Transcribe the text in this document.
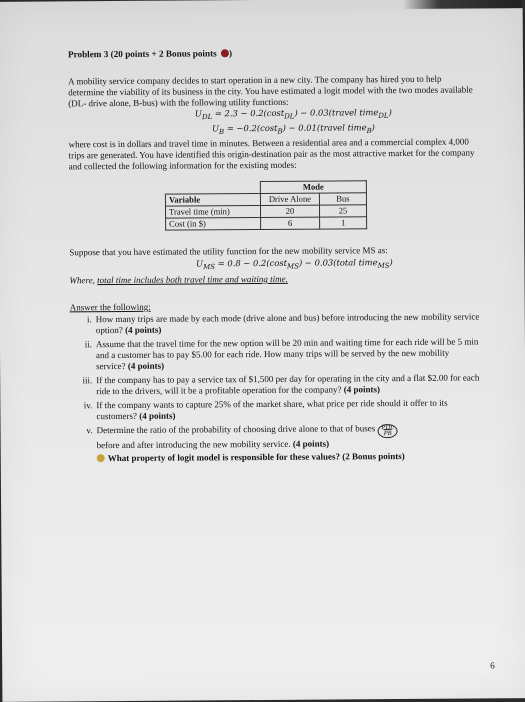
Problem 3 (20 points + 2 Bonus points )

A mobility service company decides to start operation in a new city. The company has hired you to help determine the viability of its business in the city. You have estimated a logit model with the two modes available (DL- drive alone, B-bus) with the following utility functions:

$U_{DL} = 2.3 - 0.2(\cos t_{DL})$ − 0.03(travel time$_{DL}$)
$U_B = -0.2(\cos t_B)$ − 0.01(travel time$_B$)

where cost is in dollars and travel time in minutes. Between a residential area and a commercial complex 4,000 trips are generated. You have identified this origin-destination pair as the most attractive market for the company and collected the following information for the existing modes:

	Mode	
Variable	Drive Alone	Bus
Travel time (min)	20	25
Cost (in $)	6	1

Suppose that you have estimated the utility function for the new mobility service MS as:

$U_{MS} = 0.8 - 0.2(\cos t_{MS})$ − 0.03(total time$_{MS}$)

Where, total time includes both travel time and waiting time.

Answer the following:

i. How many trips are made by each mode (drive alone and bus) before introducing the new mobility service option? (4 points)
ii. Assume that the travel time for the new option will be 20 min and waiting time for each ride will be 5 min and a customer has to pay $5.00 for each ride. How many trips will be served by the new mobility service? (4 points)
iii. If the company has to pay a service tax of $1,500 per day for operating in the city and a flat $2.00 for each ride to the drivers, will it be a profitable operation for the company? (4 points)
iv. If the company wants to capture 25% of the market share, what price per ride should it offer to its customers? (4 points)
v. Determine the ratio of the probability of choosing drive alone to that of buses PDL
PB
before and after introducing the new mobility service. (4 points)

What property of logit model is responsible for these values? (2 Bonus points)

6
